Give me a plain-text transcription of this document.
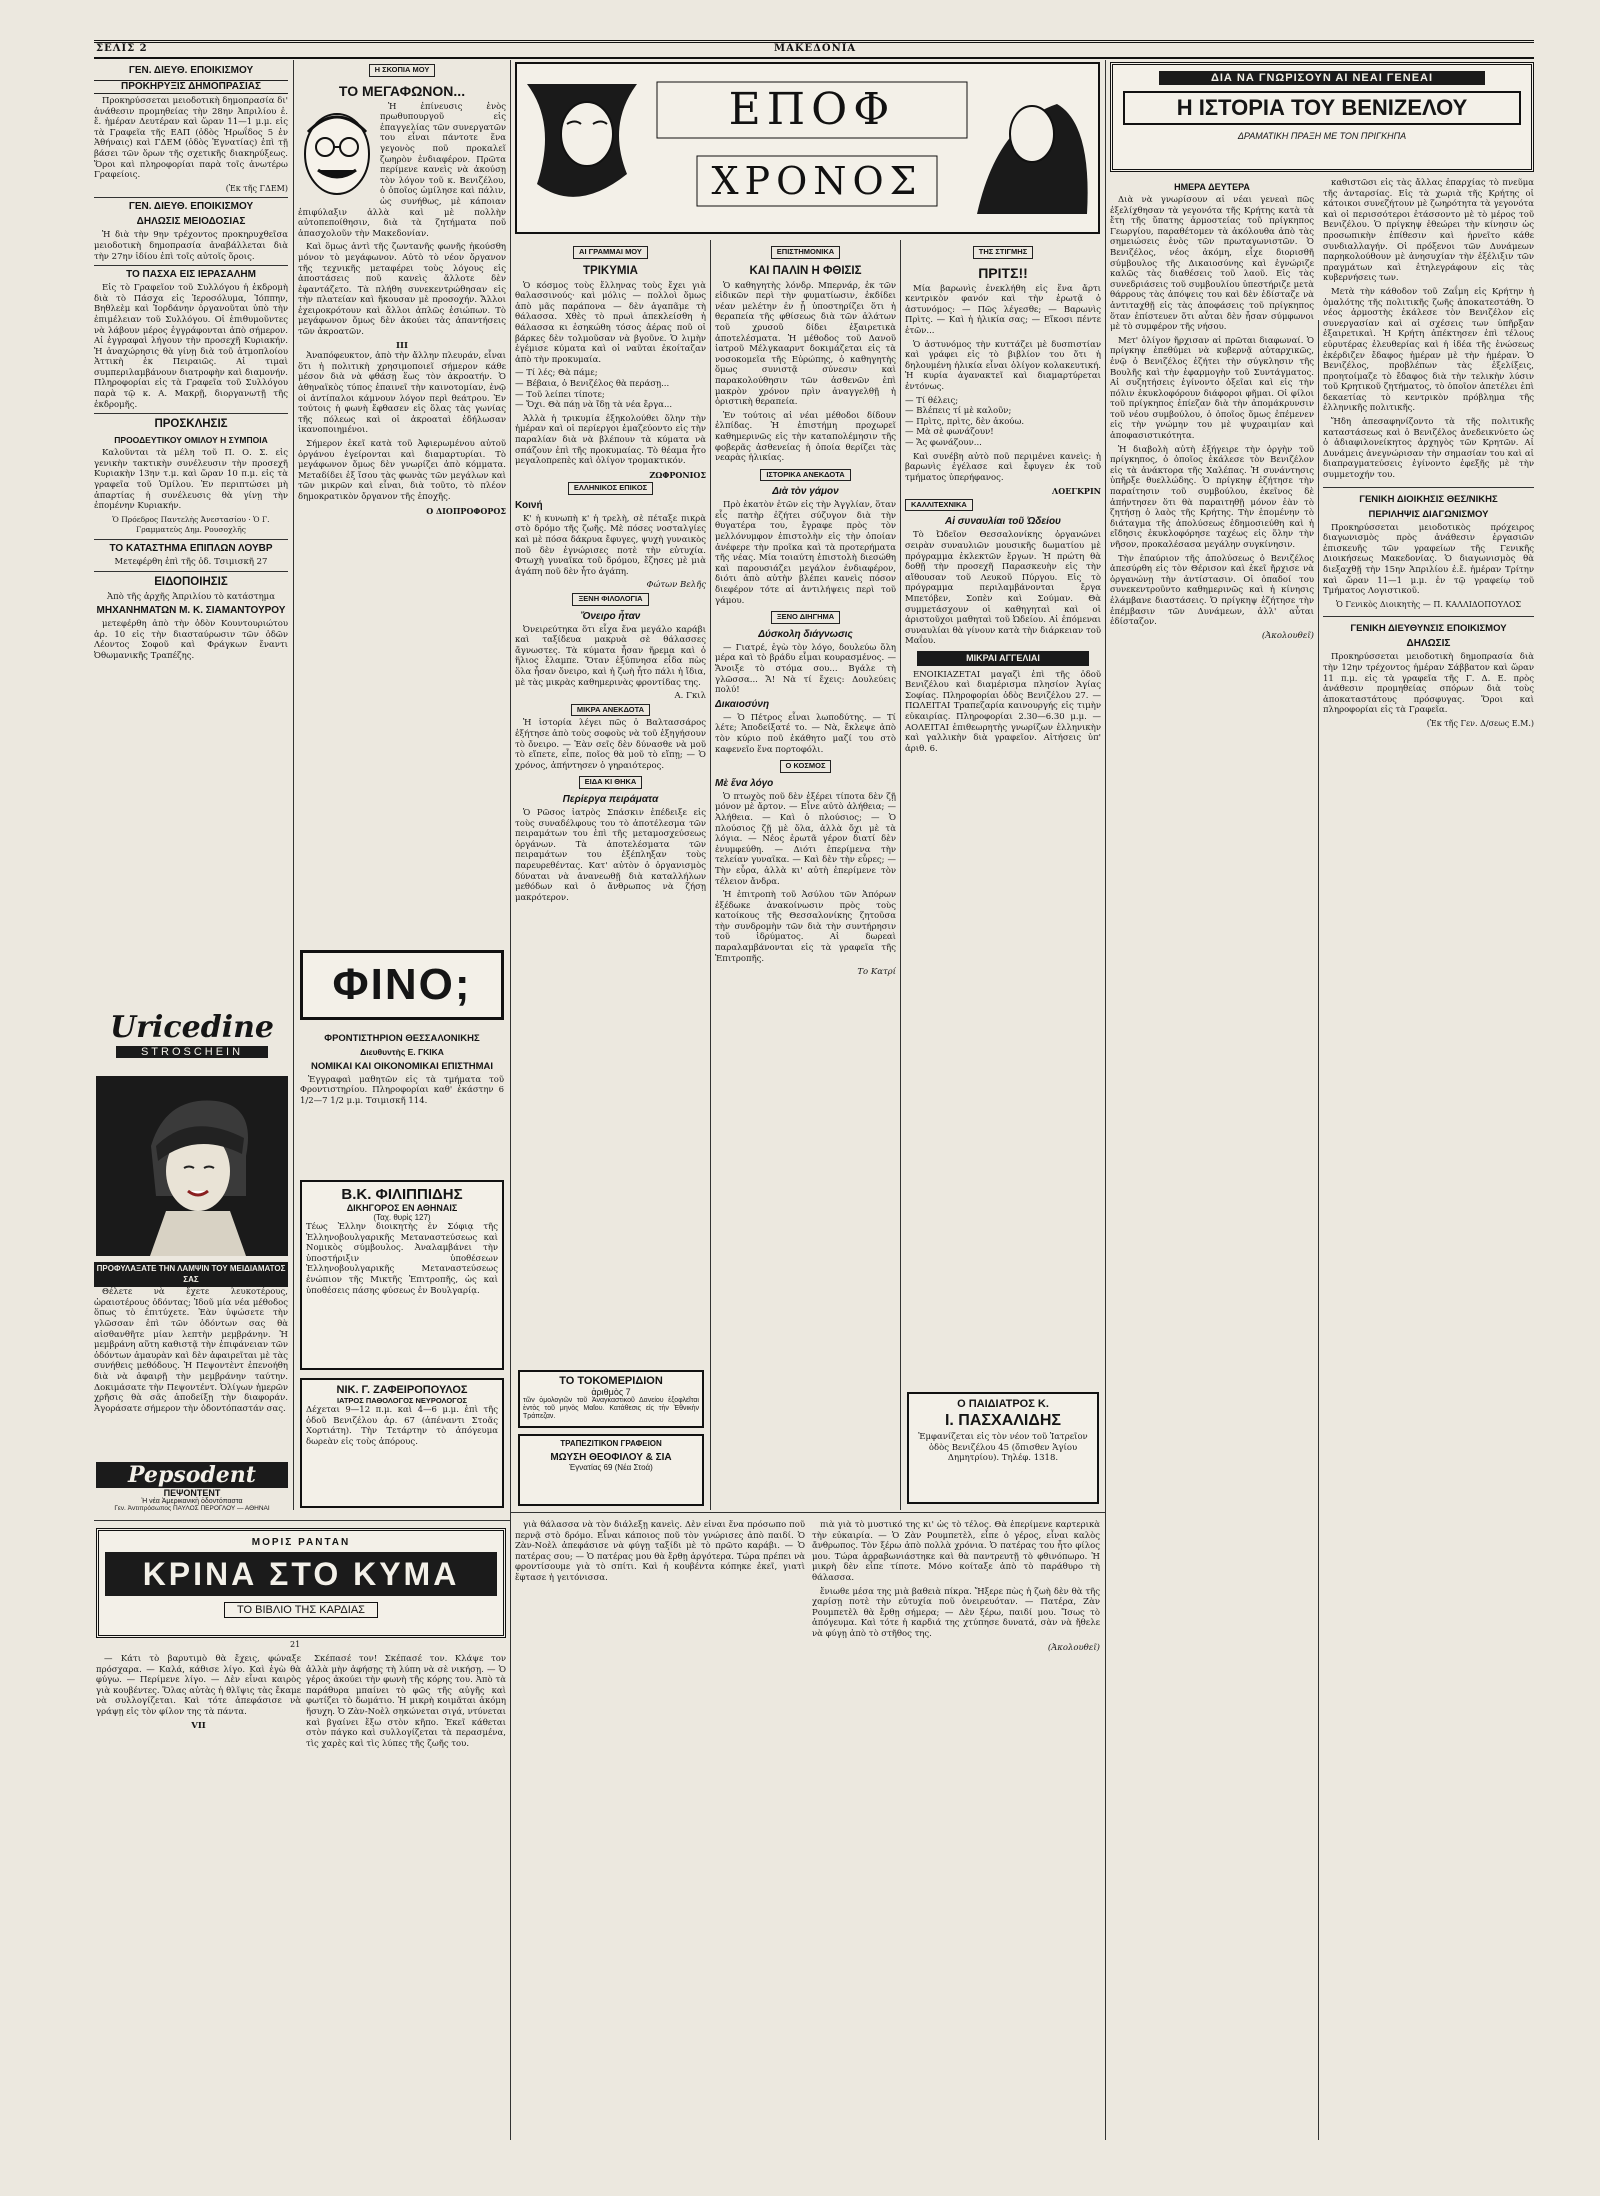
ΣΕΛΙΣ 2	ΜΑΚΕΔΟΝΙΑ
ΓΕΝ. ΔΙΕΥΘ. ΕΠΟΙΚΙΣΜΟΥ
ΠΡΟΚΗΡΥΞΙΣ ΔΗΜΟΠΡΑΣΙΑΣ

Προκηρύσσεται μειοδοτικὴ δημοπρασία δι' ἀνάθεσιν προμηθείας τὴν 28ην Ἀπριλίου ἐ. ἔ. ἡμέραν Δευτέραν καὶ ὥραν 11—1 μ.μ. εἰς τὰ Γραφεῖα τῆς ΕΑΠ (ὁδὸς Ἡρωΐδος 5 ἐν Ἀθήναις) καὶ ΓΔΕΜ (ὁδὸς Ἐγνατίας) ἐπὶ τῇ βάσει τῶν ὅρων τῆς σχετικῆς διακηρύξεως. Ὅροι καὶ πληροφορίαι παρὰ τοῖς ἀνωτέρω Γραφείοις.

(Ἐκ τῆς ΓΔΕΜ)
ΓΕΝ. ΔΙΕΥΘ. ΕΠΟΙΚΙΣΜΟΥ
ΔΗΛΩΣΙΣ ΜΕΙΟΔΟΣΙΑΣ

Ἡ διὰ τὴν 9ην τρέχοντος προκηρυχθεῖσα μειοδοτικὴ δημοπρασία ἀναβάλλεται διὰ τὴν 27ην ἰδίου ἐπὶ τοῖς αὐτοῖς ὅροις.

ΤΟ ΠΑΣΧΑ ΕΙΣ ΙΕΡΑΣΑΛΗΜ

Εἰς τὸ Γραφεῖον τοῦ Συλλόγου ἡ ἐκδρομὴ διὰ τὸ Πάσχα εἰς Ἱεροσόλυμα, Ἰόππην, Βηθλεὲμ καὶ Ἰορδάνην ὀργανοῦται ὑπὸ τὴν ἐπιμέλειαν τοῦ Συλλόγου. Οἱ ἐπιθυμοῦντες νὰ λάβουν μέρος ἐγγράφονται ἀπὸ σήμερον. Αἱ ἐγγραφαὶ λήγουν τὴν προσεχῆ Κυριακήν. Ἡ ἀναχώρησις θὰ γίνῃ διὰ τοῦ ἀτμοπλοίου Ἀττικὴ ἐκ Πειραιῶς. Αἱ τιμαὶ συμπεριλαμβάνουν διατροφὴν καὶ διαμονήν. Πληροφορίαι εἰς τὰ Γραφεῖα τοῦ Συλλόγου παρὰ τῷ κ. Α. Μακρῇ, διοργανωτῇ τῆς ἐκδρομῆς.

ΠΡΟΣΚΛΗΣΙΣ
ΠΡΟΟΔΕΥΤΙΚΟΥ ΟΜΙΛΟΥ Η ΣΥΜΠΟΙΑ

Καλοῦνται τὰ μέλη τοῦ Π. Ο. Σ. εἰς γενικὴν τακτικὴν συνέλευσιν τὴν προσεχῆ Κυριακὴν 13ην τ.μ. καὶ ὥραν 10 π.μ. εἰς τὰ γραφεῖα τοῦ Ὁμίλου. Ἐν περιπτώσει μὴ ἀπαρτίας ἡ συνέλευσις θὰ γίνῃ τὴν ἐπομένην Κυριακήν.

Ὁ Πρόεδρος Παντελὴς Ἀνεστασίου · Ὁ Γ. Γραμματεὺς Δημ. Ρουσοχλῆς
ΤΟ ΚΑΤΑΣΤΗΜΑ ΕΠΙΠΛΩΝ ΛΟΥΒΡ
Μετεφέρθη ἐπὶ τῆς ὁδ. Τσιμισκῆ 27
ΕΙΔΟΠΟΙΗΣΙΣ
Ἀπὸ τῆς ἀρχῆς Ἀπριλίου τὸ κατάστημα
ΜΗΧΑΝΗΜΑΤΩΝ Μ. Κ. ΣΙΑΜΑΝΤΟΥΡΟΥ

μετεφέρθη ἀπὸ τὴν ὁδὸν Κουντουριώτου ἀρ. 10 εἰς τὴν διασταύρωσιν τῶν ὁδῶν Λέοντος Σοφοῦ καὶ Φράγκων ἔναντι Ὀθωμανικῆς Τραπέζης.

Uricedine
STROSCHEIN
ΠΡΟΦΥΛΑΞΑΤΕ ΤΗΝ ΛΑΜΨΙΝ ΤΟΥ ΜΕΙΔΙΑΜΑΤΟΣ ΣΑΣ

Θέλετε νὰ ἔχετε λευκοτέρους, ὡραιοτέρους ὀδόντας; Ἰδοῦ μία νέα μέθοδος ὅπως τὸ ἐπιτύχετε. Ἐὰν ὑψώσετε τὴν γλῶσσαν ἐπὶ τῶν ὀδόντων σας θὰ αἰσθανθῆτε μίαν λεπτὴν μεμβράνην. Ἡ μεμβράνη αὕτη καθιστᾷ τὴν ἐπιφάνειαν τῶν ὀδόντων ἀμαυρὰν καὶ δὲν ἀφαιρεῖται μὲ τὰς συνήθεις μεθόδους. Ἡ Πεψοντὲντ ἐπενοήθη διὰ νὰ ἀφαιρῇ τὴν μεμβράνην ταύτην. Δοκιμάσατε τὴν Πεψοντέντ. Ὀλίγων ἡμερῶν χρῆσις θὰ σᾶς ἀποδείξῃ τὴν διαφοράν. Ἀγοράσατε σήμερον τὴν ὁδοντόπαστάν σας.

Pepsodent
ΠΕΨΟΝΤΕΝΤ
Ἡ νέα Ἀμερικανικὴ ὀδοντόπαστα
Γεν. Ἀντιπρόσωπος ΠΑΥΛΟΣ ΠΕΡΟΓΛΟΥ — ΑΘΗΝΑΙ
Η ΣΚΟΠΙΑ ΜΟΥ
ΤΟ ΜΕΓΑΦΩΝΟΝ...

Ἡ ἐπίνευσις ἑνὸς πρωθυπουργοῦ εἰς ἐπαγγελίας τῶν συνεργατῶν του εἶναι πάντοτε ἕνα γεγονὸς ποῦ προκαλεῖ ζωηρὸν ἐνδιαφέρον. Πρῶτα περίμενε κανεὶς νὰ ἀκούσῃ τὸν λόγον τοῦ κ. Βενιζέλου, ὁ ὁποῖος ὡμίλησε καὶ πάλιν, ὡς συνήθως, μὲ κάποιαν ἐπιφύλαξιν ἀλλὰ καὶ μὲ πολλὴν αὐτοπεποίθησιν, διὰ τὰ ζητήματα ποῦ ἀπασχολοῦν τὴν Μακεδονίαν.

Καὶ ὅμως ἀντὶ τῆς ζωντανῆς φωνῆς ἠκούσθη μόνον τὸ μεγάφωνον. Αὐτὸ τὸ νέον ὄργανον τῆς τεχνικῆς μεταφέρει τοὺς λόγους εἰς ἀποστάσεις ποῦ κανεὶς ἄλλοτε δὲν ἐφαντάζετο. Τὰ πλήθη συνεκεντρώθησαν εἰς τὴν πλατείαν καὶ ἤκουσαν μὲ προσοχήν. Ἄλλοι ἐχειροκρότουν καὶ ἄλλοι ἀπλῶς ἐσιώπων. Τὸ μεγάφωνον ὅμως δὲν ἀκούει τὰς ἀπαντήσεις τῶν ἀκροατῶν.

III

Ἀναπόφευκτον, ἀπὸ τὴν ἄλλην πλευράν, εἶναι ὅτι ἡ πολιτικὴ χρησιμοποιεῖ σήμερον κάθε μέσον διὰ νὰ φθάσῃ ἕως τὸν ἀκροατήν. Ὁ ἀθηναϊκὸς τύπος ἐπαινεῖ τὴν καινοτομίαν, ἐνῷ οἱ ἀντίπαλοι κάμνουν λόγον περὶ θεάτρου. Ἐν τούτοις ἡ φωνὴ ἔφθασεν εἰς ὅλας τὰς γωνίας τῆς πόλεως καὶ οἱ ἀκροαταὶ ἐδήλωσαν ἱκανοποιημένοι.

Σήμερον ἐκεῖ κατὰ τοῦ Ἀφιερωμένου αὐτοῦ ὀργάνου ἐγείρονται καὶ διαμαρτυρίαι. Τὸ μεγάφωνον ὅμως δὲν γνωρίζει ἀπὸ κόμματα. Μεταδίδει ἐξ ἴσου τὰς φωνὰς τῶν μεγάλων καὶ τῶν μικρῶν καὶ εἶναι, διὰ τοῦτο, τὸ πλέον δημοκρατικὸν ὄργανον τῆς ἐποχῆς.

Ο ΔΙΟΠΡΟΦΟΡΟΣ
ΦΙΝΟ;
ΦΡΟΝΤΙΣΤΗΡΙΟΝ ΘΕΣΣΑΛΟΝΙΚΗΣ
Διευθυντὴς Ε. ΓΚΙΚΑ
ΝΟΜΙΚΑΙ ΚΑΙ ΟΙΚΟΝΟΜΙΚΑΙ ΕΠΙΣΤΗΜΑΙ

Ἐγγραφαὶ μαθητῶν εἰς τὰ τμήματα τοῦ Φροντιστηρίου. Πληροφορίαι καθ' ἑκάστην 6 1/2—7 1/2 μ.μ. Τσιμισκῆ 114.

Β.Κ. ΦΙΛΙΠΠΙΔΗΣ
ΔΙΚΗΓΟΡΟΣ ΕΝ ΑΘΗΝΑΙΣ
(Ταχ. θυρὶς 127)
Τέως Ἑλλην διοικητὴς ἐν Σόφιᾳ τῆς Ἑλληνοβουλγαρικῆς Μεταναστεύσεως καὶ Νομικὸς σύμβουλος. Ἀναλαμβάνει τὴν ὑποστήριξιν ὑποθέσεων Ἑλληνοβουλγαρικῆς Μεταναστεύσεως ἐνώπιον τῆς Μικτῆς Ἐπιτροπῆς, ὡς καὶ ὑποθέσεις πάσης φύσεως ἐν Βουλγαρίᾳ.
ΝΙΚ. Γ. ΖΑΦΕΙΡΟΠΟΥΛΟΣ
ΙΑΤΡΟΣ ΠΑΘΟΛΟΓΟΣ ΝΕΥΡΟΛΟΓΟΣ
Δέχεται 9—12 π.μ. καὶ 4—6 μ.μ. ἐπὶ τῆς ὁδοῦ Βενιζέλου ἀρ. 67 (ἀπέναντι Στοᾶς Χορτιάτη). Τὴν Τετάρτην τὸ ἀπόγευμα δωρεὰν εἰς τοὺς ἀπόρους.
ΕΠΟΦ
ΧΡΟΝΟΣ
ΑΙ ΓΡΑΜΜΑΙ ΜΟΥ
ΤΡΙΚΥΜΙΑ

Ὁ κόσμος τοὺς ἔλληνας τοὺς ἔχει γιὰ θαλασσινούς· καὶ μόλις — πολλοὶ ὅμως ἀπὸ μᾶς παράπονα — δὲν ἀγαπᾶμε τὴ θάλασσα. Χθὲς τὸ πρωὶ ἀπεκλείσθη ἡ θάλασσα κι ἐσηκώθη τόσος ἀέρας ποῦ οἱ βάρκες δὲν τολμοῦσαν νὰ βγοῦνε. Ὁ λιμὴν ἐγέμισε κύματα καὶ οἱ ναῦται ἐκοίταζαν ἀπὸ τὴν προκυμαία.

— Τί λές; Θὰ πάμε;
— Βέβαια, ὁ Βενιζέλος θὰ περάσῃ...
— Τοῦ λείπει τίποτε;
— Ὄχι. Θὰ πάῃ νὰ ἴδῃ τὰ νέα ἔργα...

Ἀλλὰ ἡ τρικυμία ἐξηκολούθει ὅλην τὴν ἡμέραν καὶ οἱ περίεργοι ἐμαζεύοντο εἰς τὴν παραλίαν διὰ νὰ βλέπουν τὰ κύματα νὰ σπάζουν ἐπὶ τῆς προκυμαίας. Τὸ θέαμα ἦτο μεγαλοπρεπὲς καὶ ὀλίγον τρομακτικόν.

ΖΩΦΡΟΝΙΟΣ
ΕΛΛΗΝΙΚΟΣ ΕΠΙΚΟΣ
Κοινή

Κ' ἡ κυνωπὴ κ' ἡ τρελὴ, σὲ πέταξε πικρὰ στὸ δρόμο τῆς ζωῆς. Μὲ πόσες νοσταλγίες καὶ μὲ πόσα δάκρυα ἔφυγες, ψυχὴ γυναικὸς ποῦ δὲν ἐγνώρισες ποτὲ τὴν εὐτυχία. Φτωχὴ γυναῖκα τοῦ δρόμου, ἔζησες μὲ μιὰ ἀγάπη ποῦ δὲν ἦτο ἀγάπη.

Φώτων Βελῆς
ΞΕΝΗ ΦΙΛΟΛΟΓΙΑ
Ὄνειρο ἦταν

Ὀνειρεύτηκα ὅτι εἶχα ἕνα μεγάλο καράβι καὶ ταξίδευα μακρυὰ σὲ θάλασσες ἄγνωστες. Τὰ κύματα ἦσαν ἤρεμα καὶ ὁ ἥλιος ἔλαμπε. Ὅταν ἐξύπνησα εἶδα πὼς ὅλα ἦσαν ὄνειρο, καὶ ἡ ζωὴ ἦτο πάλι ἡ ἴδια, μὲ τὰς μικρὰς καθημερινὰς φροντίδας της.

Α. Γκιλ
ΜΙΚΡΑ ΑΝΕΚΔΟΤΑ

Ἡ ἱστορία λέγει πῶς ὁ Βαλτασσάρος ἐξήτησε ἀπὸ τοὺς σοφοὺς νὰ τοῦ ἐξηγήσουν τὸ ὄνειρο. — Ἐὰν σεῖς δὲν δύνασθε νὰ μοῦ τὸ εἴπετε, εἶπε, ποῖος θὰ μοῦ τὸ εἴπῃ; — Ὁ χρόνος, ἀπήντησεν ὁ γηραιότερος.

ΕΙΔΑ ΚΙ ΘΗΚΑ
Περίεργα πειράματα

Ὁ Ρῶσος ἰατρὸς Σπάσκιν ἐπέδειξε εἰς τοὺς συναδέλφους του τὸ ἀποτέλεσμα τῶν πειραμάτων του ἐπὶ τῆς μεταμοσχεύσεως ὀργάνων. Τὰ ἀποτελέσματα τῶν πειραμάτων του ἐξέπληξαν τοὺς παρευρεθέντας. Κατ' αὐτὸν ὁ ὀργανισμὸς δύναται νὰ ἀνανεωθῇ διὰ καταλλήλων μεθόδων καὶ ὁ ἄνθρωπος νὰ ζήσῃ μακρότερον.

ΤΟ ΤΟΚΟΜΕΡΙΔΙΟΝ
ἀριθμὸς 7
τῶν ὁμολογιῶν τοῦ Ἀναγκαστικοῦ Δανείου ἐξοφλεῖται ἐντὸς τοῦ μηνὸς Μαΐου. Κατάθεσις εἰς τὴν Ἐθνικὴν Τράπεζαν.
ΤΡΑΠΕΖΙΤΙΚΟΝ ΓΡΑΦΕΙΟΝ
ΜΩΥΣΗ ΘΕΟΦΙΛΟΥ & ΣΙΑ
Ἐγνατίας 69 (Νέα Στοά)
ΕΠΙΣΤΗΜΟΝΙΚΑ
ΚΑΙ ΠΑΛΙΝ Η ΦΘΙΣΙΣ

Ὁ καθηγητὴς λόνδρ. Μπερνάρ, ἐκ τῶν εἰδικῶν περὶ τὴν φυματίωσιν, ἐκδίδει νέαν μελέτην ἐν ᾗ ὑποστηρίζει ὅτι ἡ θεραπεία τῆς φθίσεως διὰ τῶν ἁλάτων τοῦ χρυσοῦ δίδει ἐξαιρετικὰ ἀποτελέσματα. Ἡ μέθοδος τοῦ Δανοῦ ἰατροῦ Μέλγκααρντ δοκιμάζεται εἰς τὰ νοσοκομεῖα τῆς Εὐρώπης, ὁ καθηγητὴς ὅμως συνιστᾷ σύνεσιν καὶ παρακολούθησιν τῶν ἀσθενῶν ἐπὶ μακρὸν χρόνον πρὶν ἀναγγελθῇ ἡ ὁριστικὴ θεραπεία.

Ἐν τούτοις αἱ νέαι μέθοδοι δίδουν ἐλπίδας. Ἡ ἐπιστήμη προχωρεῖ καθημερινῶς εἰς τὴν καταπολέμησιν τῆς φοβερᾶς ἀσθενείας ἡ ὁποία θερίζει τὰς νεαρὰς ἡλικίας.

ΙΣΤΟΡΙΚΑ ΑΝΕΚΔΟΤΑ
Διὰ τὸν γάμον

Πρὸ ἑκατὸν ἐτῶν εἰς τὴν Ἀγγλίαν, ὅταν εἷς πατὴρ ἐζήτει σύζυγον διὰ τὴν θυγατέρα του, ἔγραφε πρὸς τὸν μελλόνυμφον ἐπιστολὴν εἰς τὴν ὁποίαν ἀνέφερε τὴν προῖκα καὶ τὰ προτερήματα τῆς νέας. Μία τοιαύτη ἐπιστολὴ διεσώθη καὶ παρουσιάζει μεγάλον ἐνδιαφέρον, διότι ἀπὸ αὐτὴν βλέπει κανεὶς πόσον διεφέρον τότε αἱ ἀντιλήψεις περὶ τοῦ γάμου.

ΞΕΝΟ ΔΙΗΓΗΜΑ
Δύσκολη διάγνωσις

— Γιατρέ, ἐγὼ τὸν λόγο, δουλεύω ὅλη μέρα καὶ τὸ βράδυ εἶμαι κουρασμένος. — Ἄνοιξε τὸ στόμα σου... Βγάλε τὴ γλῶσσα... Ἄ! Νὰ τί ἔχεις: Δουλεύεις πολύ!

Δικαιοσύνη

— Ὁ Πέτρος εἶναι λωποδύτης. — Τί λέτε; Ἀποδείξατέ το. — Νὰ, ἔκλεψε ἀπὸ τὸν κύριο ποῦ ἐκάθητο μαζί του στὸ καφενεῖο ἕνα πορτοφόλι.

Ο ΚΟΣΜΟΣ
Μὲ ἕνα λόγο

Ὁ πτωχὸς ποῦ δὲν ἐξέρει τίποτα δὲν ζῇ μόνον μὲ ἄρτον. — Εἶνε αὐτὸ ἀλήθεια; — Ἀλήθεια. — Καὶ ὁ πλούσιος; — Ὁ πλούσιος ζῇ μὲ ὅλα, ἀλλὰ ὄχι μὲ τὰ λόγια. — Νέος ἐρωτᾶ γέρον διατί δὲν ἐνυμφεύθη. — Διότι ἐπερίμενα τὴν τελείαν γυναῖκα. — Καὶ δὲν τὴν εὗρες; — Τὴν εὗρα, ἀλλὰ κι' αὐτὴ ἐπερίμενε τὸν τέλειον ἄνδρα.

Ἡ ἐπιτροπὴ τοῦ Ἀσύλου τῶν Ἀπόρων ἐξέδωκε ἀνακοίνωσιν πρὸς τοὺς κατοίκους τῆς Θεσσαλονίκης ζητοῦσα τὴν συνδρομὴν τῶν διὰ τὴν συντήρησιν τοῦ ἱδρύματος. Αἱ δωρεαὶ παραλαμβάνονται εἰς τὰ γραφεῖα τῆς Ἐπιτροπῆς.

Το Κατρί
ΤΗΣ ΣΤΙΓΜΗΣ
ΠΡΙΤΣ!!

Μία βαρωνὶς ἐνεκλήθη εἰς ἕνα ἄρτι κεντρικὸν φανόν καὶ τὴν ἐρωτᾷ ὁ ἀστυνόμος: — Πῶς λέγεσθε; — Βαρωνὶς Πρὶτς. — Καὶ ἡ ἡλικία σας; — Εἴκοσι πέντε ἐτῶν...

Ὁ ἀστυνόμος τὴν κυττάζει μὲ δυσπιστίαν καὶ γράφει εἰς τὸ βιβλίον του ὅτι ἡ δηλουμένη ἡλικία εἶναι ὀλίγον κολακευτική. Ἡ κυρία ἀγανακτεῖ καὶ διαμαρτύρεται ἐντόνως.

— Τί θέλεις;
— Βλέπεις τί μὲ καλοῦν;
— Πρὶτς, πρὶτς, δὲν ἀκούω.
— Μὰ σὲ φωνάζουν!
— Ἄς φωνάζουν...

Καὶ συνέβη αὐτὸ ποῦ περιμένει κανεὶς: ἡ βαρωνὶς ἐγέλασε καὶ ἔφυγεν ἐκ τοῦ τμήματος ὑπερήφανος.

ΛΟΕΓΚΡΙΝ
ΚΑΛΛΙΤΕΧΝΙΚΑ
Αἱ συναυλίαι τοῦ Ὠδείου

Τὸ Ὠδεῖον Θεσσαλονίκης ὀργανώνει σειρὰν συναυλιῶν μουσικῆς δωματίου μὲ πρόγραμμα ἐκλεκτῶν ἔργων. Ἡ πρώτη θὰ δοθῇ τὴν προσεχῆ Παρασκευὴν εἰς τὴν αἴθουσαν τοῦ Λευκοῦ Πύργου. Εἰς τὸ πρόγραμμα περιλαμβάνονται ἔργα Μπετόβεν, Σοπὲν καὶ Σούμαν. Θὰ συμμετάσχουν οἱ καθηγηταὶ καὶ οἱ ἀριστοῦχοι μαθηταὶ τοῦ Ὠδείου. Αἱ ἐπόμεναι συναυλίαι θὰ γίνουν κατὰ τὴν διάρκειαν τοῦ Μαΐου.

ΜΙΚΡΑΙ ΑΓΓΕΛΙΑΙ

ΕΝΟΙΚΙΑΖΕΤΑΙ μαγαζὶ ἐπὶ τῆς ὁδοῦ Βενιζέλου καὶ διαμέρισμα πλησίον Ἁγίας Σοφίας. Πληροφορίαι ὁδὸς Βενιζέλου 27. — ΠΩΛΕΙΤΑΙ Τραπεζαρία καινουργής εἰς τιμὴν εὐκαιρίας. Πληροφορίαι 2.30—6.30 μ.μ. — ΑΟΛΕΙΤΑΙ ἐπιθεωρητὴς γνωρίζων ἑλληνικὴν καὶ γαλλικὴν διὰ γραφεῖον. Αἰτήσεις ὑπ' ἀριθ. 6.

Ο ΠΑΙΔΙΑΤΡΟΣ Κ.
Ι. ΠΑΣΧΑΛΙΔΗΣ
Ἐμφανίζεται εἰς τὸν νέον τοῦ Ἰατρεῖον ὁδὸς Βενιζέλου 45 (ὄπισθεν Ἁγίου Δημητρίου). Τηλέφ. 1318.
ΔΙΑ ΝΑ ΓΝΩΡΙΣΟΥΝ ΑΙ ΝΕΑΙ ΓΕΝΕΑΙ
Η ΙΣΤΟΡΙΑ ΤΟΥ ΒΕΝΙΖΕΛΟΥ
ΔΡΑΜΑΤΙΚΗ ΠΡΑΞΗ ΜΕ ΤΟΝ ΠΡΙΓΚΗΠΑ
ΗΜΕΡΑ ΔΕΥΤΕΡΑ

Διὰ νὰ γνωρίσουν αἱ νέαι γενεαὶ πῶς ἐξελίχθησαν τὰ γεγονότα τῆς Κρήτης κατὰ τὰ ἔτη τῆς ὕπατης ἁρμοστείας τοῦ πρίγκηπος Γεωργίου, παραθέτομεν τὰ ἀκόλουθα ἀπὸ τὰς σημειώσεις ἑνὸς τῶν πρωταγωνιστῶν. Ὁ Βενιζέλος, νέος ἀκόμη, εἶχε διορισθῆ σύμβουλος τῆς Δικαιοσύνης καὶ ἐγνώριζε καλῶς τὰς διαθέσεις τοῦ λαοῦ. Εἰς τὰς συνεδριάσεις τοῦ συμβουλίου ὑπεστήριζε μετὰ θάρρους τὰς ἀπόψεις του καὶ δὲν ἐδίσταζε νὰ ἀντιταχθῇ εἰς τὰς ἀποφάσεις τοῦ πρίγκηπος ὅταν ἐπίστευεν ὅτι αὗται δὲν ἦσαν σύμφωνοι μὲ τὸ συμφέρον τῆς νήσου.

Μετ' ὀλίγον ἤρχισαν αἱ πρῶται διαφωναί. Ὁ πρίγκηψ ἐπεθύμει νὰ κυβερνᾷ αὐταρχικῶς, ἐνῷ ὁ Βενιζέλος ἐζήτει τὴν σύγκλησιν τῆς Βουλῆς καὶ τὴν ἐφαρμογὴν τοῦ Συντάγματος. Αἱ συζητήσεις ἐγίνοντο ὀξεῖαι καὶ εἰς τὴν πόλιν ἐκυκλοφόρουν διάφοροι φῆμαι. Οἱ φίλοι τοῦ πρίγκηπος ἐπίεζαν διὰ τὴν ἀπομάκρυνσιν τοῦ νέου συμβούλου, ὁ ὁποῖος ὅμως ἐπέμενεν εἰς τὴν γνώμην του μὲ ψυχραιμίαν καὶ ἀποφασιστικότητα.

Ἡ διαβολὴ αὐτὴ ἐξήγειρε τὴν ὀργὴν τοῦ πρίγκηπος, ὁ ὁποῖος ἐκάλεσε τὸν Βενιζέλον εἰς τὰ ἀνάκτορα τῆς Χαλέπας. Ἡ συνάντησις ὑπῆρξε θυελλώδης. Ὁ πρίγκηψ ἐζήτησε τὴν παραίτησιν τοῦ συμβούλου, ἐκεῖνος δὲ ἀπήντησεν ὅτι θὰ παραιτηθῇ μόνον ἐὰν τὸ ζητήσῃ ὁ λαὸς τῆς Κρήτης. Τὴν ἑπομένην τὸ διάταγμα τῆς ἀπολύσεως ἐδημοσιεύθη καὶ ἡ εἴδησις ἐκυκλοφόρησε ταχέως εἰς ὅλην τὴν νῆσον, προκαλέσασα μεγάλην συγκίνησιν.

Τὴν ἐπαύριον τῆς ἀπολύσεως ὁ Βενιζέλος ἀπεσύρθη εἰς τὸν Θέρισον καὶ ἐκεῖ ἤρχισε νὰ ὀργανώνῃ τὴν ἀντίστασιν. Οἱ ὀπαδοί του συνεκεντροῦντο καθημερινῶς καὶ ἡ κίνησις ἐλάμβανε διαστάσεις. Ὁ πρίγκηψ ἐζήτησε τὴν ἐπέμβασιν τῶν Δυνάμεων, ἀλλ' αὗται ἐδίσταζον.

(Ἀκολουθεῖ)

καθιστῶσι εἰς τὰς ἄλλας ἐπαρχίας τὸ πνεῦμα τῆς ἀνταρσίας. Εἰς τὰ χωριὰ τῆς Κρήτης οἱ κάτοικοι συνεζήτουν μὲ ζωηρότητα τὰ γεγονότα καὶ οἱ περισσότεροι ἐτάσσοντο μὲ τὸ μέρος τοῦ Βενιζέλου. Ὁ πρίγκηψ ἐθεώρει τὴν κίνησιν ὡς προσωπικὴν ἐπίθεσιν καὶ ἠρνεῖτο κάθε συνδιαλλαγήν. Οἱ πρόξενοι τῶν Δυνάμεων παρηκολούθουν μὲ ἀνησυχίαν τὴν ἐξέλιξιν τῶν πραγμάτων καὶ ἐτηλεγράφουν εἰς τὰς κυβερνήσεις των.

Μετὰ τὴν κάθοδον τοῦ Ζαΐμη εἰς Κρήτην ἡ ὁμαλότης τῆς πολιτικῆς ζωῆς ἀποκατεστάθη. Ὁ νέος ἁρμοστὴς ἐκάλεσε τὸν Βενιζέλον εἰς συνεργασίαν καὶ αἱ σχέσεις των ὑπῆρξαν ἐξαιρετικαὶ. Ἡ Κρήτη ἀπέκτησεν ἐπὶ τέλους εὐρυτέρας ἐλευθερίας καὶ ἡ ἰδέα τῆς ἑνώσεως ἐκέρδιζεν ἔδαφος ἡμέραν μὲ τὴν ἡμέραν. Ὁ Βενιζέλος, προβλέπων τὰς ἐξελίξεις, προητοίμαζε τὸ ἔδαφος διὰ τὴν τελικὴν λύσιν τοῦ Κρητικοῦ ζητήματος, τὸ ὁποῖον ἀπετέλει ἐπὶ δεκαετίας τὸ κεντρικὸν πρόβλημα τῆς ἑλληνικῆς πολιτικῆς.

Ἤδη ἀπεσαφηνίζοντο τὰ τῆς πολιτικῆς καταστάσεως καὶ ὁ Βενιζέλος ἀνεδεικνύετο ὡς ὁ ἀδιαφιλονείκητος ἀρχηγὸς τῶν Κρητῶν. Αἱ Δυνάμεις ἀνεγνώρισαν τὴν σημασίαν του καὶ αἱ διαπραγματεύσεις ἐγίνοντο ἐφεξῆς μὲ τὴν συμμετοχήν του.

ΓΕΝΙΚΗ ΔΙΟΙΚΗΣΙΣ ΘΕΣ/ΝΙΚΗΣ
ΠΕΡΙΛΗΨΙΣ ΔΙΑΓΩΝΙΣΜΟΥ

Προκηρύσσεται μειοδοτικὸς πρόχειρος διαγωνισμὸς πρὸς ἀνάθεσιν ἐργασιῶν ἐπισκευῆς τῶν γραφείων τῆς Γενικῆς Διοικήσεως Μακεδονίας. Ὁ διαγωνισμὸς θὰ διεξαχθῇ τὴν 15ην Ἀπριλίου ἐ.ἔ. ἡμέραν Τρίτην καὶ ὥραν 11—1 μ.μ. ἐν τῷ γραφείῳ τοῦ Τμήματος Λογιστικοῦ.

Ὁ Γενικὸς Διοικητὴς — Π. ΚΑΛΛΙΔΟΠΟΥΛΟΣ
ΓΕΝΙΚΗ ΔΙΕΥΘΥΝΣΙΣ ΕΠΟΙΚΙΣΜΟΥ
ΔΗΛΩΣΙΣ

Προκηρύσσεται μειοδοτικὴ δημοπρασία διὰ τὴν 12ην τρέχοντος ἡμέραν Σάββατον καὶ ὥραν 11 π.μ. εἰς τὰ γραφεῖα τῆς Γ. Δ. Ε. πρὸς ἀνάθεσιν προμηθείας σπόρων διὰ τοὺς ἀποκαταστάτους πρόσφυγας. Ὅροι καὶ πληροφορίαι εἰς τὰ Γραφεῖα.

(Ἐκ τῆς Γεν. Δ/σεως Ε.Μ.)
ΜΟΡΙΣ ΡΑΝΤΑΝ
ΚΡΙΝΑ ΣΤΟ ΚΥΜΑ
ΤΟ ΒΙΒΛΙΟ ΤΗΣ ΚΑΡΔΙΑΣ
21

— Κάτι τὸ βαρυτιμὸ θὰ ἔχεις, φώναξε πρόσχαρα. — Καλά, κάθισε λίγο. Καὶ ἐγὼ θὰ φύγω. — Περίμενε λίγο. — Δὲν εἶναι καιρὸς γιὰ κουβέντες. Ὅλας αὐτὰς ἡ θλῖψις τὰς ἔκαμε νὰ συλλογίζεται. Καὶ τότε ἀπεφάσισε νὰ γράψῃ εἰς τὸν φίλον της τὰ πάντα.

VII

Σκέπασέ τον! Σκέπασέ τον. Κλάψε τον ἀλλὰ μὴν ἀφήσῃς τὴ λύπη νὰ σὲ νικήσῃ. — Ὁ γέρος ἀκούει τὴν φωνὴ τῆς κόρης του. Ἀπὸ τὰ παράθυρα μπαίνει τὸ φῶς τῆς αὐγῆς καὶ φωτίζει τὸ δωμάτιο. Ἡ μικρὴ κοιμᾶται ἀκόμη ἥσυχη. Ὁ Ζὰν-Νοὲλ σηκώνεται σιγά, ντύνεται καὶ βγαίνει ἔξω στὸν κῆπο. Ἐκεῖ κάθεται στὸν πάγκο καὶ συλλογίζεται τὰ περασμένα, τὶς χαρὲς καὶ τὶς λύπες τῆς ζωῆς του.

γιὰ θάλασσα νὰ τὸν διάλεξῃ κανεὶς. Δὲν εἶναι ἕνα πρόσωπο ποῦ περνᾷ στὸ δρόμο. Εἶναι κάποιος ποῦ τὸν γνώρισες ἀπὸ παιδί. Ὁ Ζὰν-Νοὲλ ἀπεφάσισε νὰ φύγῃ ταξίδι μὲ τὸ πρῶτο καράβι. — Ὁ πατέρας σου; — Ὁ πατέρας μου θὰ ἔρθῃ ἀργότερα. Τώρα πρέπει νὰ φροντίσουμε γιὰ τὸ σπίτι. Καὶ ἡ κουβέντα κόπηκε ἐκεῖ, γιατὶ ἔφτασε ἡ γειτόνισσα.

πιὰ γιὰ τὸ μυστικό της κι' ὡς τὸ τέλος. Θὰ ἐπερίμενε καρτερικὰ τὴν εὐκαιρία. — Ὁ Ζὰν Ρουμπετὲλ, εἶπε ὁ γέρος, εἶναι καλὸς ἄνθρωπος. Τὸν ξέρω ἀπὸ πολλὰ χρόνια. Ὁ πατέρας του ἦτο φίλος μου. Τώρα ἀρραβωνιάστηκε καὶ θὰ παντρευτῇ τὸ φθινόπωρο. Ἡ μικρὴ δὲν εἶπε τίποτε. Μόνο κοίταξε ἀπὸ τὸ παράθυρο τὴ θάλασσα.

ἔνιωθε μέσα της μιὰ βαθειὰ πίκρα. Ἤξερε πὼς ἡ ζωὴ δὲν θὰ τῆς χαρίσῃ ποτὲ τὴν εὐτυχία ποῦ ὀνειρευόταν. — Πατέρα, Ζὰν Ρουμπετὲλ θὰ ἔρθῃ σήμερα; — Δὲν ξέρω, παιδί μου. Ἴσως τὸ ἀπόγευμα. Καὶ τότε ἡ καρδιά της χτύπησε δυνατά, σὰν νὰ ἤθελε νὰ φύγῃ ἀπὸ τὸ στῆθος της.

(Ἀκολουθεῖ)
